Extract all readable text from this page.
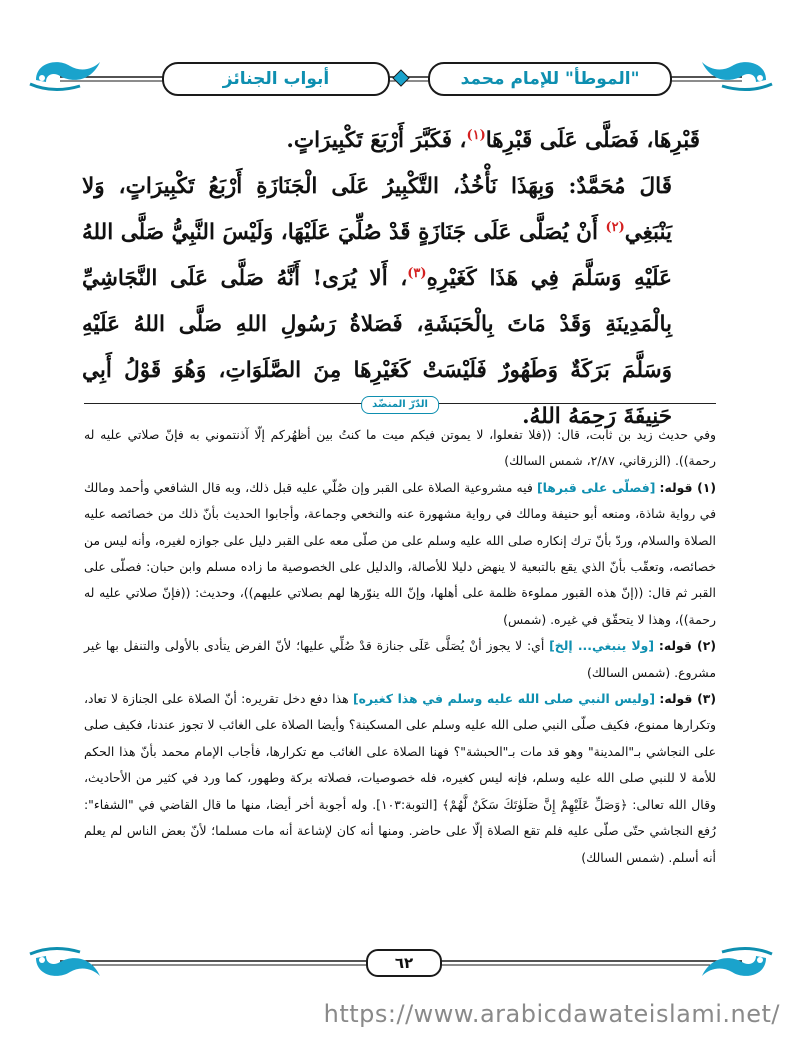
"الموطأ" للإمام محمد
أبواب الجنائز

قَبْرِهَا، فَصَلَّى عَلَى قَبْرِهَا$^{(١)}$، فَكَبَّرَ أَرْبَعَ تَكْبِيرَاتٍ.

قَالَ مُحَمَّدٌ: وَبِهَذَا نَأْخُذُ، التَّكْبِيرُ عَلَى الْجَنَازَةِ أَرْبَعُ تَكْبِيرَاتٍ، وَلا يَنْبَغِي$^{(٢)}$ أَنْ يُصَلَّى عَلَى جَنَازَةٍ قَدْ صُلِّيَ عَلَيْهَا، وَلَيْسَ النَّبِيُّ صَلَّى اللهُ عَلَيْهِ وَسَلَّمَ فِي هَذَا كَغَيْرِهِ$^{(٣)}$، أَلا يُرَى! أَنَّهُ صَلَّى عَلَى النَّجَاشِيِّ بِالْمَدِينَةِ وَقَدْ مَاتَ بِالْحَبَشَةِ، فَصَلاةُ رَسُولِ اللهِ صَلَّى اللهُ عَلَيْهِ وَسَلَّمَ بَرَكَةٌ وَطَهُورٌ فَلَيْسَتْ كَغَيْرِهَا مِنَ الصَّلَوَاتِ، وَهُوَ قَوْلُ أَبِي حَنِيفَةَ رَحِمَهُ اللهُ.

الدّرّ المنضّد

وفي حديث زيد بن ثابت، قال: ((فلا تفعلوا، لا يموتن فيكم ميت ما كنتُ بين أظهُركم إلّا آذنتموني به فإنّ صلاتي عليه له رحمة)). (الزرقاني، ٢/٨٧، شمس السالك)

(١) قوله: [فصلّى على قبرها] فيه مشروعية الصلاة على القبر وإن صُلّي عليه قبل ذلك، وبه قال الشافعي وأحمد ومالك في رواية شاذة، ومنعه أبو حنيفة ومالك في رواية مشهورة عنه والنخعي وجماعة، وأجابوا الحديث بأنّ ذلك من خصائصه عليه الصلاة والسلام، وردّ بأنّ ترك إنكاره صلى الله عليه وسلم على من صلّى معه على القبر دليل على جوازه لغيره، وأنه ليس من خصائصه، وتعقّب بأنّ الذي يقع بالتبعية لا ينهض دليلا للأصالة، والدليل على الخصوصية ما زاده مسلم وابن حبان: فصلّى على القبر ثم قال: ((إنّ هذه القبور مملوءة ظلمة على أهلها، وإنّ الله ينوّرها لهم بصلاتي عليهم))، وحديث: ((فإنّ صلاتي عليه له رحمة))، وهذا لا يتحقّق في غيره. (شمس)

(٢) قوله: [ولا ينبغي... إلخ] أي: لا يجوز أنْ يُصَلَّى عَلَى جنازة قدْ صُلِّي عليها؛ لأنّ الفرض يتأدى بالأولى والتنفل بها غير مشروع. (شمس السالك)

(٣) قوله: [وليس النبي صلى الله عليه وسلم في هذا كغيره] هذا دفع دخل تقريره: أنّ الصلاة على الجنازة لا تعاد، وتكرارها ممنوع، فكيف صلّى النبي صلى الله عليه وسلم على المسكينة؟ وأيضا الصلاة على الغائب لا تجوز عندنا، فكيف صلى على النجاشي بـ"المدينة" وهو قد مات بـ"الحبشة"؟ فهنا الصلاة على الغائب مع تكرارها، فأجاب الإمام محمد بأنّ هذا الحكم للأمة لا للنبي صلى الله عليه وسلم، فإنه ليس كغيره، فله خصوصيات، فصلاته بركة وطهور، كما ورد في كثير من الأحاديث، وقال الله تعالى: ﴿وَصَلِّ عَلَيْهِمْ إِنَّ صَلَوٰتَكَ سَكَنٌ لَّهُمْ﴾ [التوبة:١٠٣]. وله أجوبة أخر أيضا، منها ما قال القاضي في "الشفاء": رُفع النجاشي حتّى صلّى عليه فلم تقع الصلاة إلّا على حاضر. ومنها أنه كان لإشاعة أنه مات مسلما؛ لأنّ بعض الناس لم يعلم أنه أسلم. (شمس السالك)

٦٢
https://www.arabicdawateislami.net/
